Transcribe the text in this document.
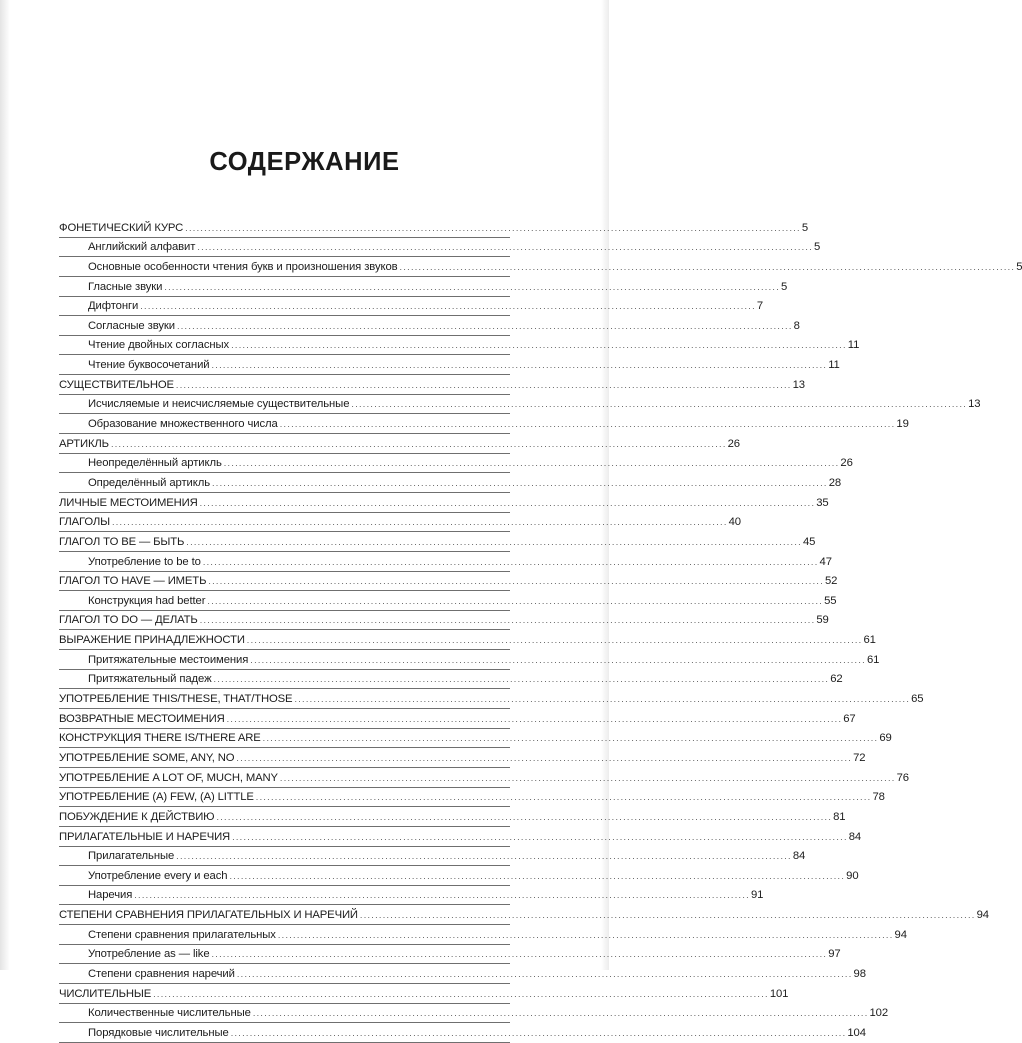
СОДЕРЖАНИЕ
ФОНЕТИЧЕСКИЙ КУРС .................................................................................................................................................................. 5
Английский алфавит .................................................................................................................................................................. 5
Основные особенности чтения букв и произношения звуков .................................................................................................................................................................. 5
Гласные звуки .................................................................................................................................................................. 5
Дифтонги .................................................................................................................................................................. 7
Согласные звуки .................................................................................................................................................................. 8
Чтение двойных согласных .................................................................................................................................................................. 11
Чтение буквосочетаний .................................................................................................................................................................. 11
СУЩЕСТВИТЕЛЬНОЕ .................................................................................................................................................................. 13
Исчисляемые и неисчисляемые существительные .................................................................................................................................................................. 13
Образование множественного числа .................................................................................................................................................................. 19
АРТИКЛЬ .................................................................................................................................................................. 26
Неопределённый артикль .................................................................................................................................................................. 26
Определённый артикль .................................................................................................................................................................. 28
ЛИЧНЫЕ МЕСТОИМЕНИЯ .................................................................................................................................................................. 35
ГЛАГОЛЫ .................................................................................................................................................................. 40
ГЛАГОЛ TO BE — БЫТЬ .................................................................................................................................................................. 45
Употребление to be to .................................................................................................................................................................. 47
ГЛАГОЛ TO HAVE — ИМЕТЬ .................................................................................................................................................................. 52
Конструкция had better .................................................................................................................................................................. 55
ГЛАГОЛ TO DO — ДЕЛАТЬ .................................................................................................................................................................. 59
ВЫРАЖЕНИЕ ПРИНАДЛЕЖНОСТИ .................................................................................................................................................................. 61
Притяжательные местоимения .................................................................................................................................................................. 61
Притяжательный падеж .................................................................................................................................................................. 62
УПОТРЕБЛЕНИЕ THIS/THESE, THAT/THOSE .................................................................................................................................................................. 65
ВОЗВРАТНЫЕ МЕСТОИМЕНИЯ .................................................................................................................................................................. 67
КОНСТРУКЦИЯ THERE IS/THERE ARE .................................................................................................................................................................. 69
УПОТРЕБЛЕНИЕ SOME, ANY, NO .................................................................................................................................................................. 72
УПОТРЕБЛЕНИЕ A LOT OF, MUCH, MANY .................................................................................................................................................................. 76
УПОТРЕБЛЕНИЕ (A) FEW, (A) LITTLE .................................................................................................................................................................. 78
ПОБУЖДЕНИЕ К ДЕЙСТВИЮ .................................................................................................................................................................. 81
ПРИЛАГАТЕЛЬНЫЕ И НАРЕЧИЯ .................................................................................................................................................................. 84
Прилагательные .................................................................................................................................................................. 84
Употребление every и each .................................................................................................................................................................. 90
Наречия .................................................................................................................................................................. 91
СТЕПЕНИ СРАВНЕНИЯ ПРИЛАГАТЕЛЬНЫХ И НАРЕЧИЙ .................................................................................................................................................................. 94
Степени сравнения прилагательных .................................................................................................................................................................. 94
Употребление as — like .................................................................................................................................................................. 97
Степени сравнения наречий .................................................................................................................................................................. 98
ЧИСЛИТЕЛЬНЫЕ .................................................................................................................................................................. 101
Количественные числительные .................................................................................................................................................................. 102
Порядковые числительные .................................................................................................................................................................. 104
